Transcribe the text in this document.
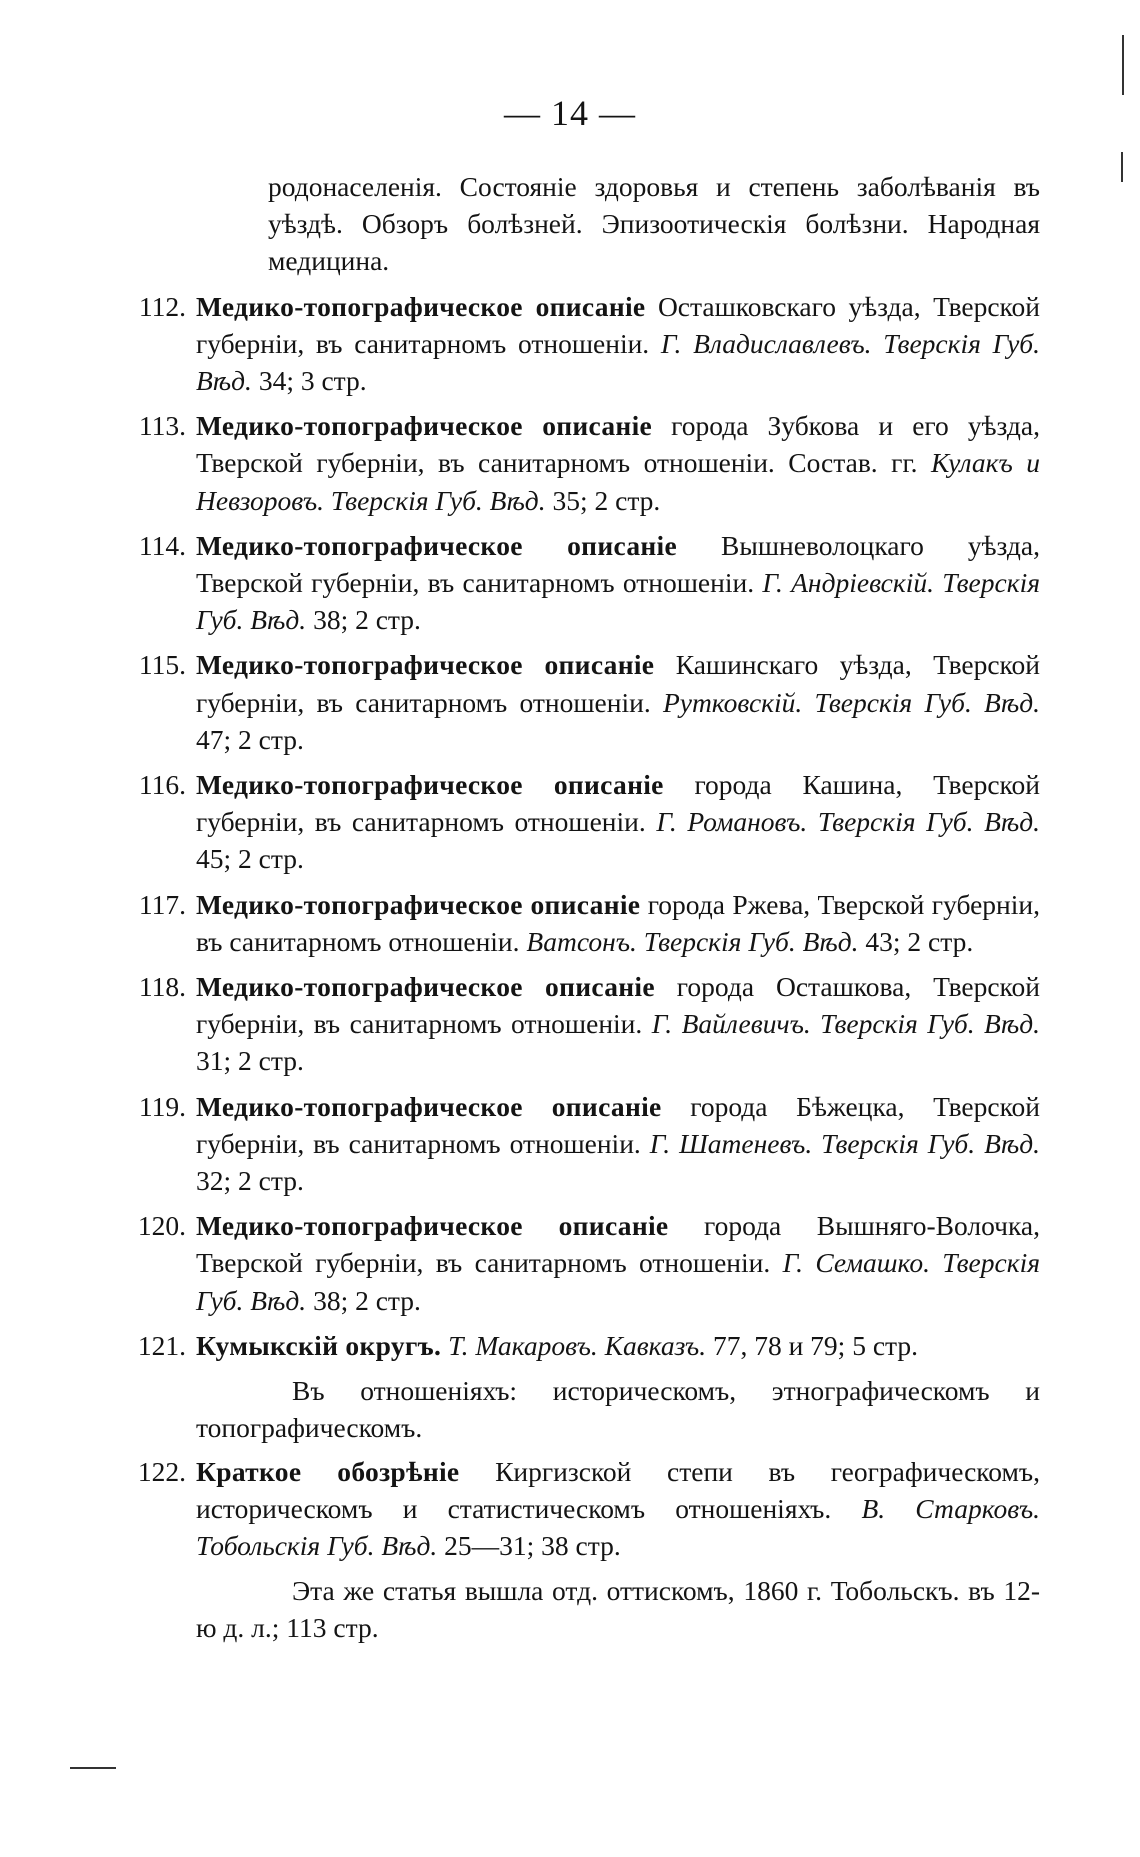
— 14 —
родонаселенія. Состояніе здоровья и степень заболѣванія въ уѣздѣ. Обзоръ болѣзней. Эпизоотическія болѣзни. Народная медицина.
112. Медико-топографическое описаніе Осташковскаго уѣзда, Тверской губерніи, въ санитарномъ отношеніи. Г. Владиславлевъ. Тверскія Губ. Вѣд. 34; 3 стр.
113. Медико-топографическое описаніе города Зубкова и его уѣзда, Тверской губерніи, въ санитарномъ отношеніи. Состав. гг. Кулакъ и Невзоровъ. Тверскія Губ. Вѣд. 35; 2 стр.
114. Медико-топографическое описаніе Вышневолоцкаго уѣзда, Тверской губерніи, въ санитарномъ отношеніи. Г. Андріевскій. Тверскія Губ. Вѣд. 38; 2 стр.
115. Медико-топографическое описаніе Кашинскаго уѣзда, Тверской губерніи, въ санитарномъ отношеніи. Рутковскій. Тверскія Губ. Вѣд. 47; 2 стр.
116. Медико-топографическое описаніе города Кашина, Тверской губерніи, въ санитарномъ отношеніи. Г. Романовъ. Тверскія Губ. Вѣд. 45; 2 стр.
117. Медико-топографическое описаніе города Ржева, Тверской губерніи, въ санитарномъ отношеніи. Ватсонъ. Тверскія Губ. Вѣд. 43; 2 стр.
118. Медико-топографическое описаніе города Осташкова, Тверской губерніи, въ санитарномъ отношеніи. Г. Вайлевичъ. Тверскія Губ. Вѣд. 31; 2 стр.
119. Медико-топографическое описаніе города Бѣжецка, Тверской губерніи, въ санитарномъ отношеніи. Г. Шатеневъ. Тверскія Губ. Вѣд. 32; 2 стр.
120. Медико-топографическое описаніе города Вышняго-Волочка, Тверской губерніи, въ санитарномъ отношеніи. Г. Семашко. Тверскія Губ. Вѣд. 38; 2 стр.
121. Кумыкскій округъ. Т. Макаровъ. Кавказъ. 77, 78 и 79; 5 стр.
Въ отношеніяхъ: историческомъ, этнографическомъ и топографическомъ.
122. Краткое обозрѣніе Киргизской степи въ географическомъ, историческомъ и статистическомъ отношеніяхъ. В. Старковъ. Тобольскія Губ. Вѣд. 25—31; 38 стр.
Эта же статья вышла отд. оттискомъ, 1860 г. Тобольскъ. въ 12-ю д. л.; 113 стр.
